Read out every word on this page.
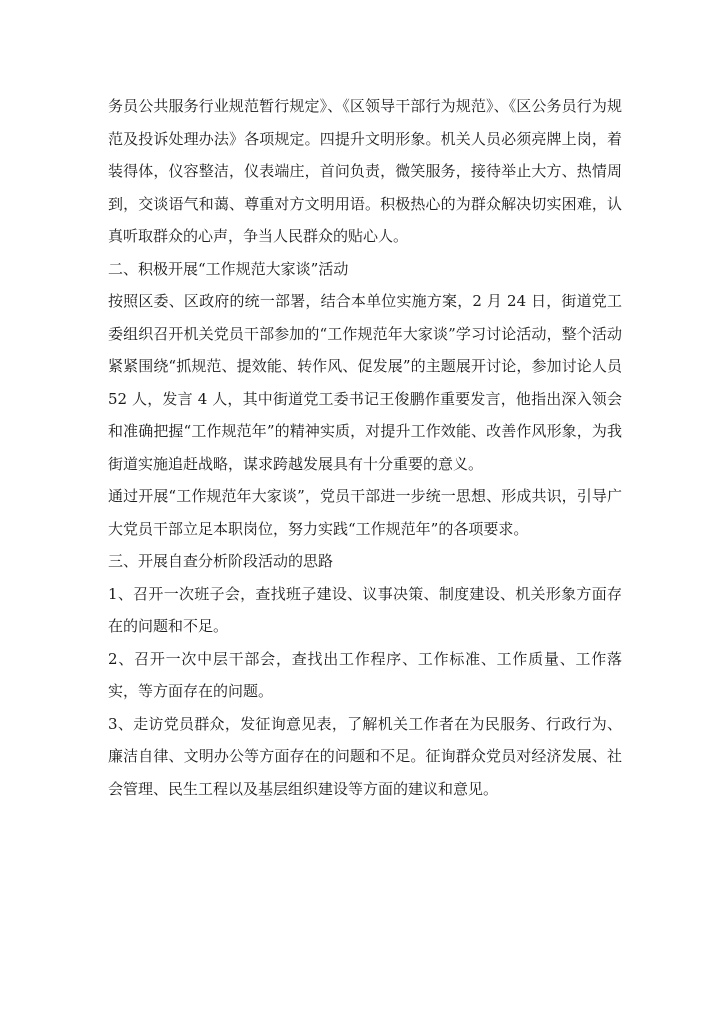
务员公共服务行业规范暂行规定》、《区领导干部行为规范》、《区公务员行为规范及投诉处理办法》各项规定。四提升文明形象。机关人员必须亮牌上岗，着装得体，仪容整洁，仪表端庄，首问负责，微笑服务，接待举止大方、热情周到，交谈语气和蔼、尊重对方文明用语。积极热心的为群众解决切实困难，认真听取群众的心声，争当人民群众的贴心人。

二、积极开展“工作规范大家谈”活动

按照区委、区政府的统一部署，结合本单位实施方案，2 月 24 日，街道党工委组织召开机关党员干部参加的“工作规范年大家谈”学习讨论活动，整个活动紧紧围绕“抓规范、提效能、转作风、促发展”的主题展开讨论，参加讨论人员 52 人，发言 4 人，其中街道党工委书记王俊鹏作重要发言，他指出深入领会和准确把握“工作规范年”的精神实质，对提升工作效能、改善作风形象，为我街道实施追赶战略，谋求跨越发展具有十分重要的意义。

通过开展“工作规范年大家谈”，党员干部进一步统一思想、形成共识，引导广大党员干部立足本职岗位，努力实践“工作规范年”的各项要求。

三、开展自查分析阶段活动的思路

1、召开一次班子会，查找班子建设、议事决策、制度建设、机关形象方面存在的问题和不足。

2、召开一次中层干部会，查找出工作程序、工作标准、工作质量、工作落实，等方面存在的问题。

3、走访党员群众，发征询意见表，了解机关工作者在为民服务、行政行为、廉洁自律、文明办公等方面存在的问题和不足。征询群众党员对经济发展、社会管理、民生工程以及基层组织建设等方面的建议和意见。
